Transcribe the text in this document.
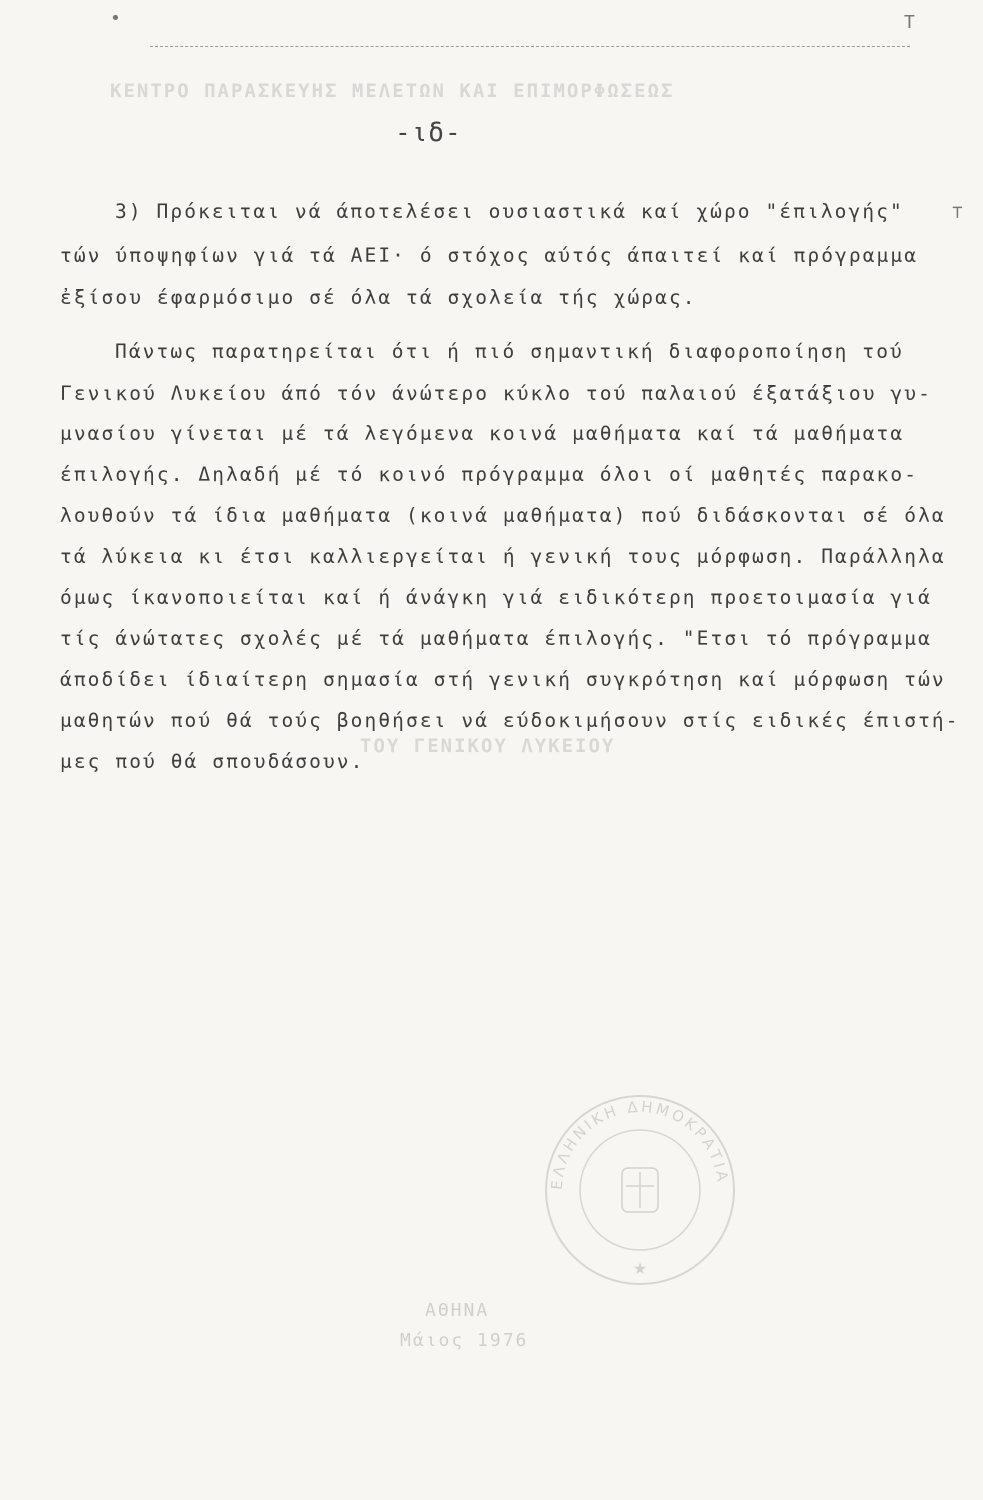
•	T
⊤
ΚΕΝΤΡΟ ΠΑΡΑΣΚΕΥΗΣ ΜΕΛΕΤΩΝ ΚΑΙ ΕΠΙΜΟΡΦΩΣΕΩΣ
ΤΟΥ ΓΕΝΙΚΟΥ ΛΥΚΕΙΟΥ
ΑΘΗΝΑ
Μάιος 1976
-ιδ-
3) Πρόκειται νά άποτελέσει ουσιαστικά καί χώρο "έπιλογής"
τών ύποψηφίων γιά τά ΑΕΙ· ό στόχος αύτός άπαιτεί καί πρόγραμμα
ἐξίσου έφαρμόσιμο σέ όλα τά σχολεία τής χώρας.
Πάντως παρατηρείται ότι ή πιό σημαντική διαφοροποίηση τού
Γενικού Λυκείου άπό τόν άνώτερο κύκλο τού παλαιού έξατάξιου γυ-
μνασίου γίνεται μέ τά λεγόμενα κοινά μαθήματα καί τά μαθήματα
έπιλογής. Δηλαδή μέ τό κοινό πρόγραμμα όλοι οί μαθητές παρακο-
λουθούν τά ίδια μαθήματα (κοινά μαθήματα) πού διδάσκονται σέ όλα
τά λύκεια κι έτσι καλλιεργείται ή γενική τους μόρφωση. Παράλληλα
όμως ίκανοποιείται καί ή άνάγκη γιά ειδικότερη προετοιμασία γιά
τίς άνώτατες σχολές μέ τά μαθήματα έπιλογής. "Ετσι τό πρόγραμμα
άποδίδει ίδιαίτερη σημασία στή γενική συγκρότηση καί μόρφωση τών
μαθητών πού θά τούς βοηθήσει νά εύδοκιμήσουν στίς ειδικές έπιστή-
μες πού θά σπουδάσουν.
ΕΛΛΗΝΙΚΗ ΔΗΜΟΚΡΑΤΙΑ
★
